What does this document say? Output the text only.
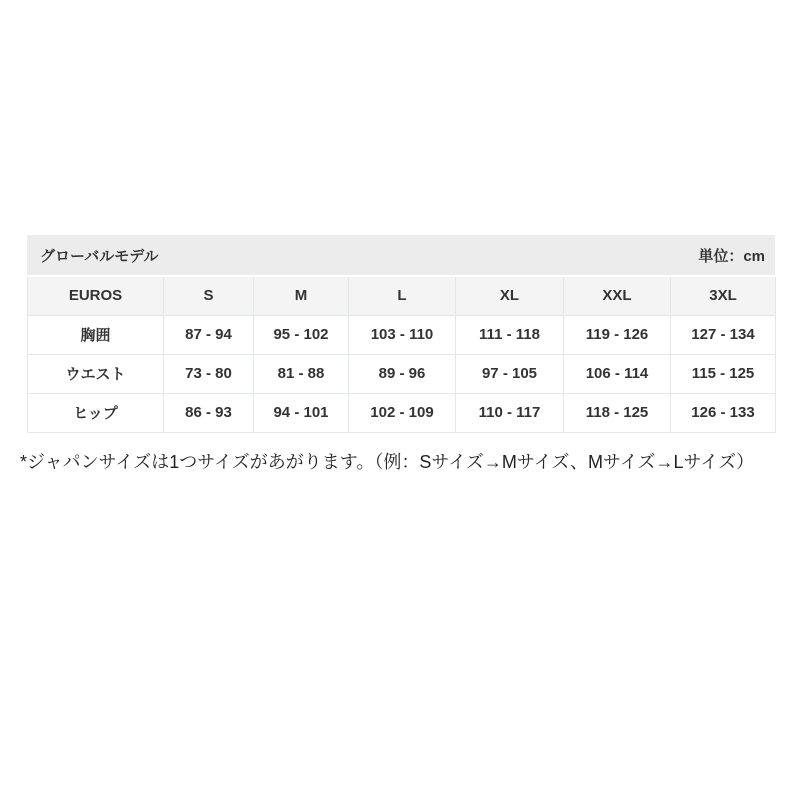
グローバルモデル	単位：cm
EUROS	S	M	L	XL	XXL	3XL
胸囲	87 - 94	95 - 102	103 - 110	111 - 118	119 - 126	127 - 134
ウエスト	73 - 80	81 - 88	89 - 96	97 - 105	106 - 114	115 - 125
ヒップ	86 - 93	94 - 101	102 - 109	110 - 117	118 - 125	126 - 133

*ジャパンサイズは1つサイズがあがります。（例：Sサイズ→Mサイズ、Mサイズ→Lサイズ）
